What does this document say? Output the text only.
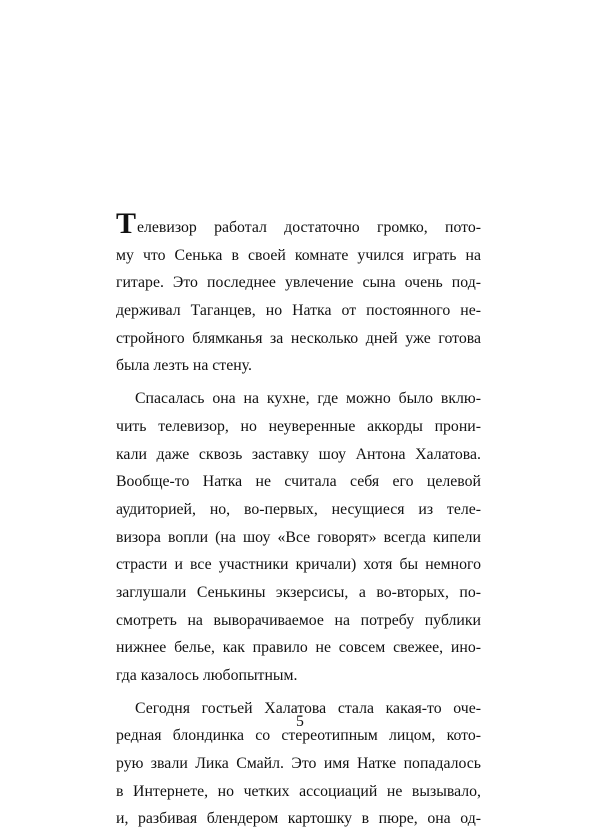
Телевизор работал достаточно громко, пото-
му что Сенька в своей комнате учился играть на
гитаре. Это последнее увлечение сына очень под-
держивал Таганцев, но Натка от постоянного не-
стройного блямканья за несколько дней уже готова
была лезть на стену.
Спасалась она на кухне, где можно было вклю-
чить телевизор, но неуверенные аккорды прони-
кали даже сквозь заставку шоу Антона Халатова.
Вообще-то Натка не считала себя его целевой
аудиторией, но, во-первых, несущиеся из теле-
визора вопли (на шоу «Все говорят» всегда кипели
страсти и все участники кричали) хотя бы немного
заглушали Сенькины экзерсисы, а во-вторых, по-
смотреть на выворачиваемое на потребу публики
нижнее белье, как правило не совсем свежее, ино-
гда казалось любопытным.
Сегодня гостьей Халатова стала какая-то оче-
редная блондинка со стереотипным лицом, кото-
рую звали Лика Смайл. Это имя Натке попадалось
в Интернете, но четких ассоциаций не вызывало,
и, разбивая блендером картошку в пюре, она од-
5
